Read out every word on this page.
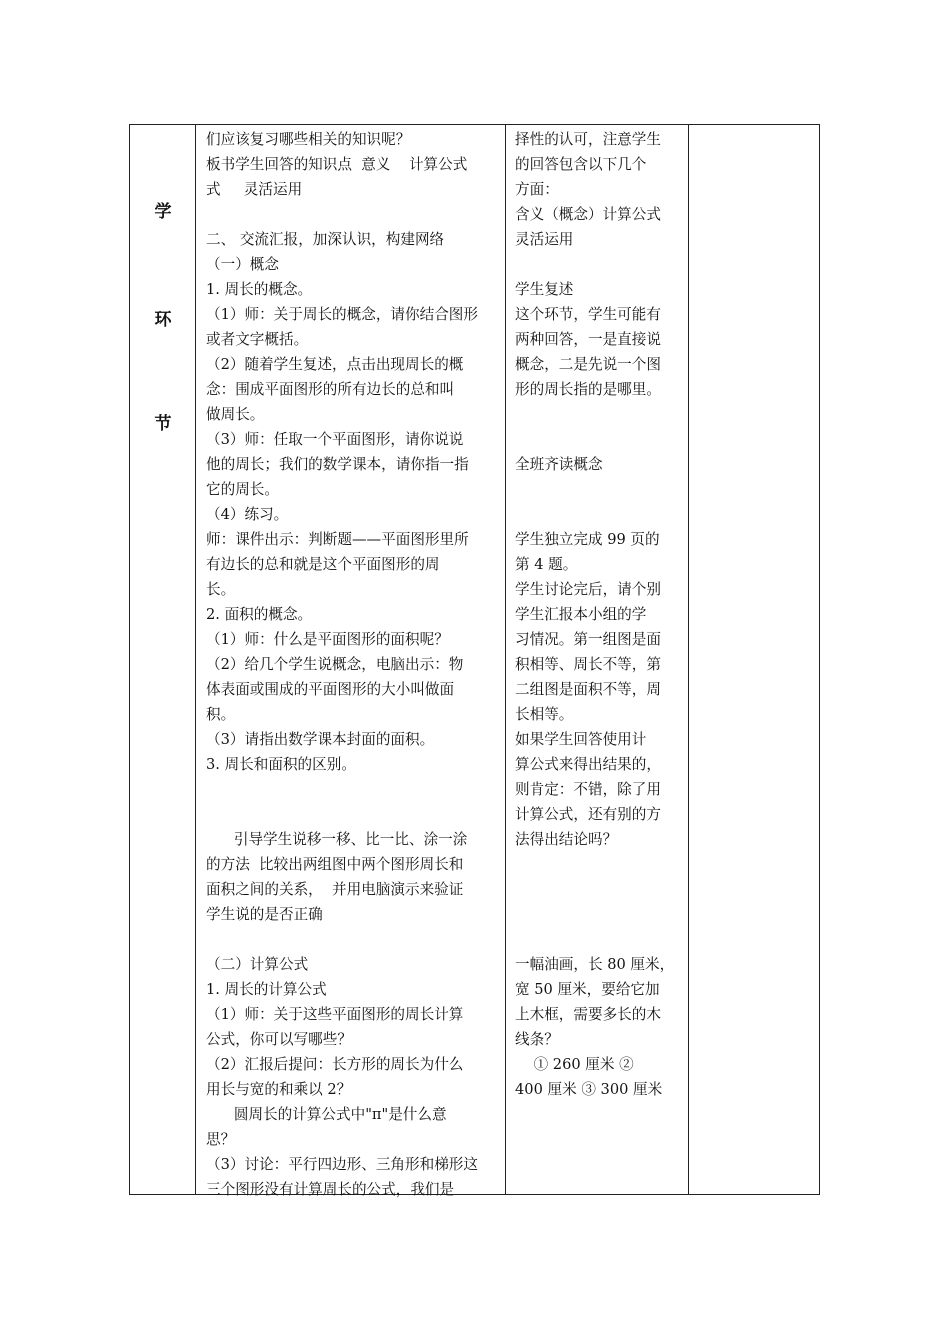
学
环
节

们应该复习哪些相关的知识呢？

板书学生回答的知识点  意义    计算公式

式     灵活运用

二、 交流汇报，加深认识，构建网络

（一）概念

1. 周长的概念。

（1）师：关于周长的概念，请你结合图形

或者文字概括。

（2）随着学生复述，点击出现周长的概

念：围成平面图形的所有边长的总和叫

做周长。

（3）师：任取一个平面图形，请你说说

他的周长；我们的数学课本，请你指一指

它的周长。

（4）练习。

师：课件出示：判断题——平面图形里所

有边长的总和就是这个平面图形的周

长。

2. 面积的概念。

（1）师：什么是平面图形的面积呢？

（2）给几个学生说概念，电脑出示：物

体表面或围成的平面图形的大小叫做面

积。

（3）请指出数学课本封面的面积。

3. 周长和面积的区别。

引导学生说移一移、比一比、涂一涂

的方法  比较出两组图中两个图形周长和

面积之间的关系，  并用电脑演示来验证

学生说的是否正确

（二）计算公式

1. 周长的计算公式

（1）师：关于这些平面图形的周长计算

公式，你可以写哪些？

（2）汇报后提问：长方形的周长为什么

用长与宽的和乘以 2？

圆周长的计算公式中"π"是什么意

思？

（3）讨论：平行四边形、三角形和梯形这

三个图形没有计算周长的公式，我们是

择性的认可，注意学生

的回答包含以下几个

方面：

含义（概念）计算公式

灵活运用

学生复述

这个环节，学生可能有

两种回答，一是直接说

概念，二是先说一个图

形的周长指的是哪里。

全班齐读概念

学生独立完成 99 页的

第 4 题。

学生讨论完后，请个别

学生汇报本小组的学

习情况。第一组图是面

积相等、周长不等，第

二组图是面积不等，周

长相等。

如果学生回答使用计

算公式来得出结果的，

则肯定：不错，除了用

计算公式，还有别的方

法得出结论吗？

一幅油画，长 80 厘米，

宽 50 厘米，要给它加

上木框，需要多长的木

线条？

① 260 厘米 ②

400 厘米 ③ 300 厘米
